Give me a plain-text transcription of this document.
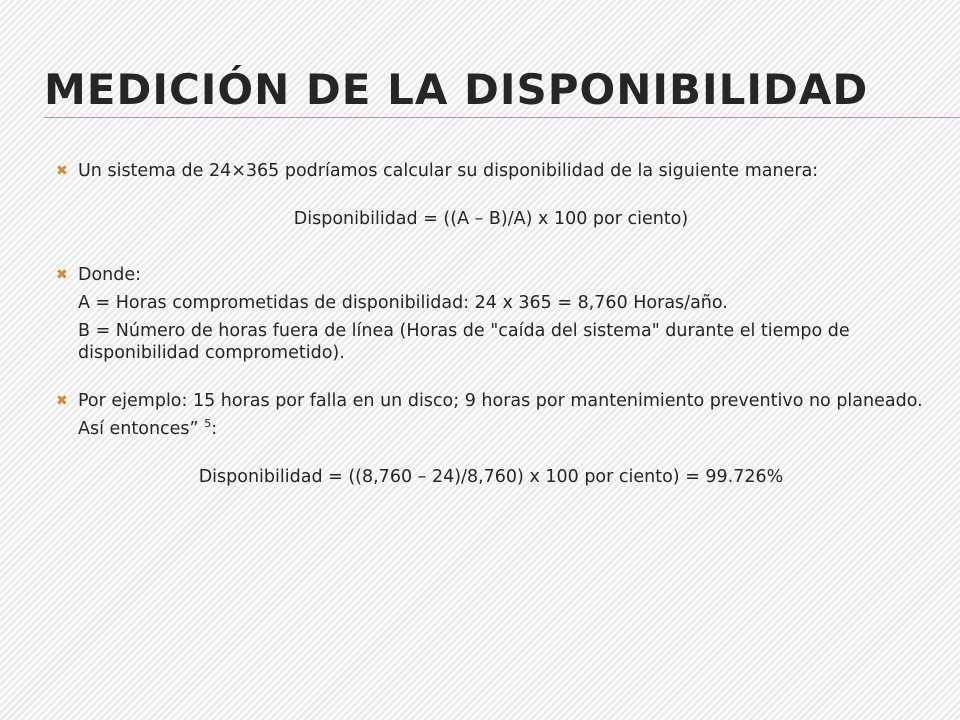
MEDICIÓN DE LA DISPONIBILIDAD
✖ Un sistema de 24×365 podríamos calcular su disponibilidad de la siguiente manera:
Disponibilidad = ((A – B)/A) x 100 por ciento)
✖ Donde:
A = Horas comprometidas de disponibilidad: 24 x 365 = 8,760 Horas/año.
B = Número de horas fuera de línea (Horas de "caída del sistema" durante el tiempo de disponibilidad comprometido).
✖ Por ejemplo: 15 horas por falla en un disco; 9 horas por mantenimiento preventivo no planeado.
Así entonces” $^5$:
Disponibilidad = ((8,760 – 24)/8,760) x 100 por ciento) = 99.726%
